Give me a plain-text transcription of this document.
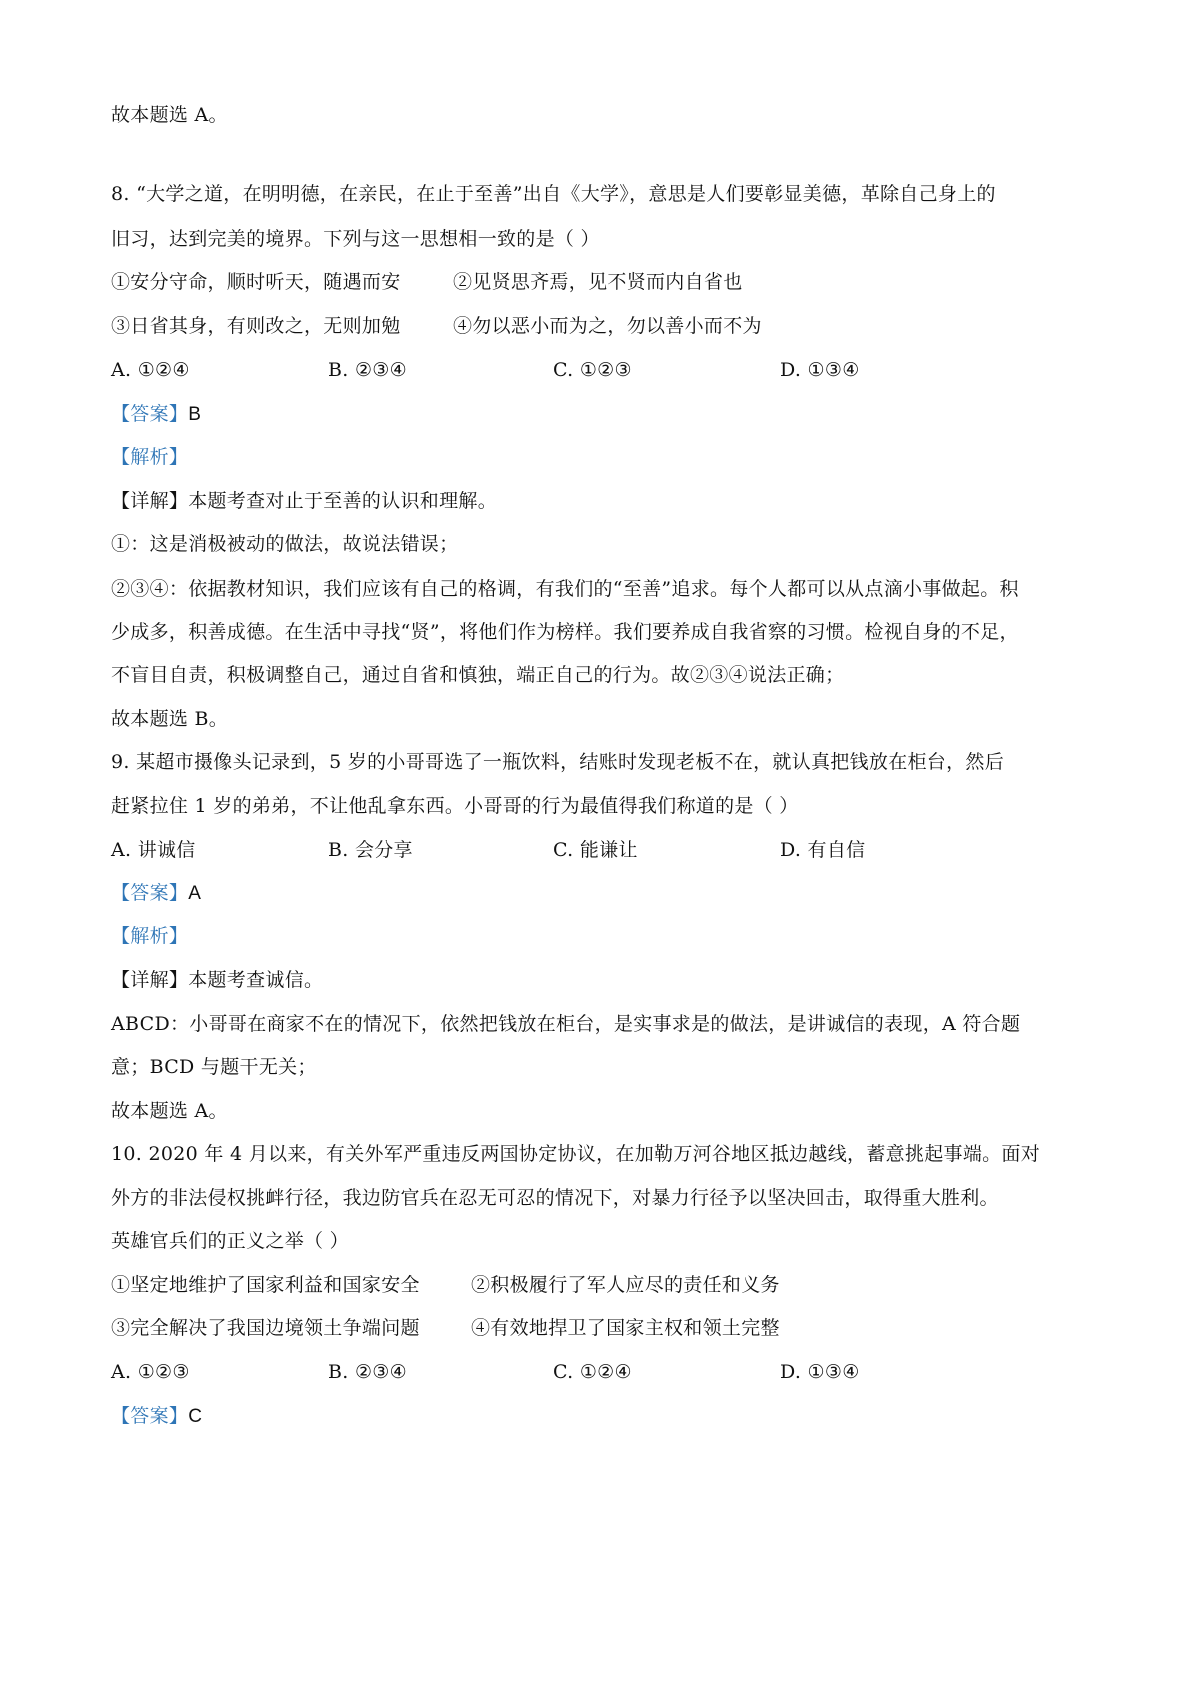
故本题选 A。
8. “大学之道，在明明德，在亲民，在止于至善”出自《大学》，意思是人们要彰显美德，革除自己身上的
旧习，达到完美的境界。下列与这一思想相一致的是（ ）
①安分守命，顺时听天，随遇而安	②见贤思齐焉，见不贤而内自省也
③日省其身，有则改之，无则加勉	④勿以恶小而为之，勿以善小而不为
A. ①②④	B. ②③④	C. ①②③	D. ①③④
【答案】B
【解析】
【详解】本题考查对止于至善的认识和理解。
①：这是消极被动的做法，故说法错误；
②③④：依据教材知识，我们应该有自己的格调，有我们的“至善”追求。每个人都可以从点滴小事做起。积
少成多，积善成德。在生活中寻找“贤”，将他们作为榜样。我们要养成自我省察的习惯。检视自身的不足，
不盲目自责，积极调整自己，通过自省和慎独，端正自己的行为。故②③④说法正确；
故本题选 B。
9. 某超市摄像头记录到，5 岁的小哥哥选了一瓶饮料，结账时发现老板不在，就认真把钱放在柜台，然后
赶紧拉住 1 岁的弟弟，不让他乱拿东西。小哥哥的行为最值得我们称道的是（ ）
A. 讲诚信	B. 会分享	C. 能谦让	D. 有自信
【答案】A
【解析】
【详解】本题考查诚信。
ABCD：小哥哥在商家不在的情况下，依然把钱放在柜台，是实事求是的做法，是讲诚信的表现，A 符合题
意；BCD 与题干无关；
故本题选 A。
10. 2020 年 4 月以来，有关外军严重违反两国协定协议，在加勒万河谷地区抵边越线，蓄意挑起事端。面对
外方的非法侵权挑衅行径，我边防官兵在忍无可忍的情况下，对暴力行径予以坚决回击，取得重大胜利。
英雄官兵们的正义之举（ ）
①坚定地维护了国家利益和国家安全	②积极履行了军人应尽的责任和义务
③完全解决了我国边境领土争端问题	④有效地捍卫了国家主权和领土完整
A. ①②③	B. ②③④	C. ①②④	D. ①③④
【答案】C
